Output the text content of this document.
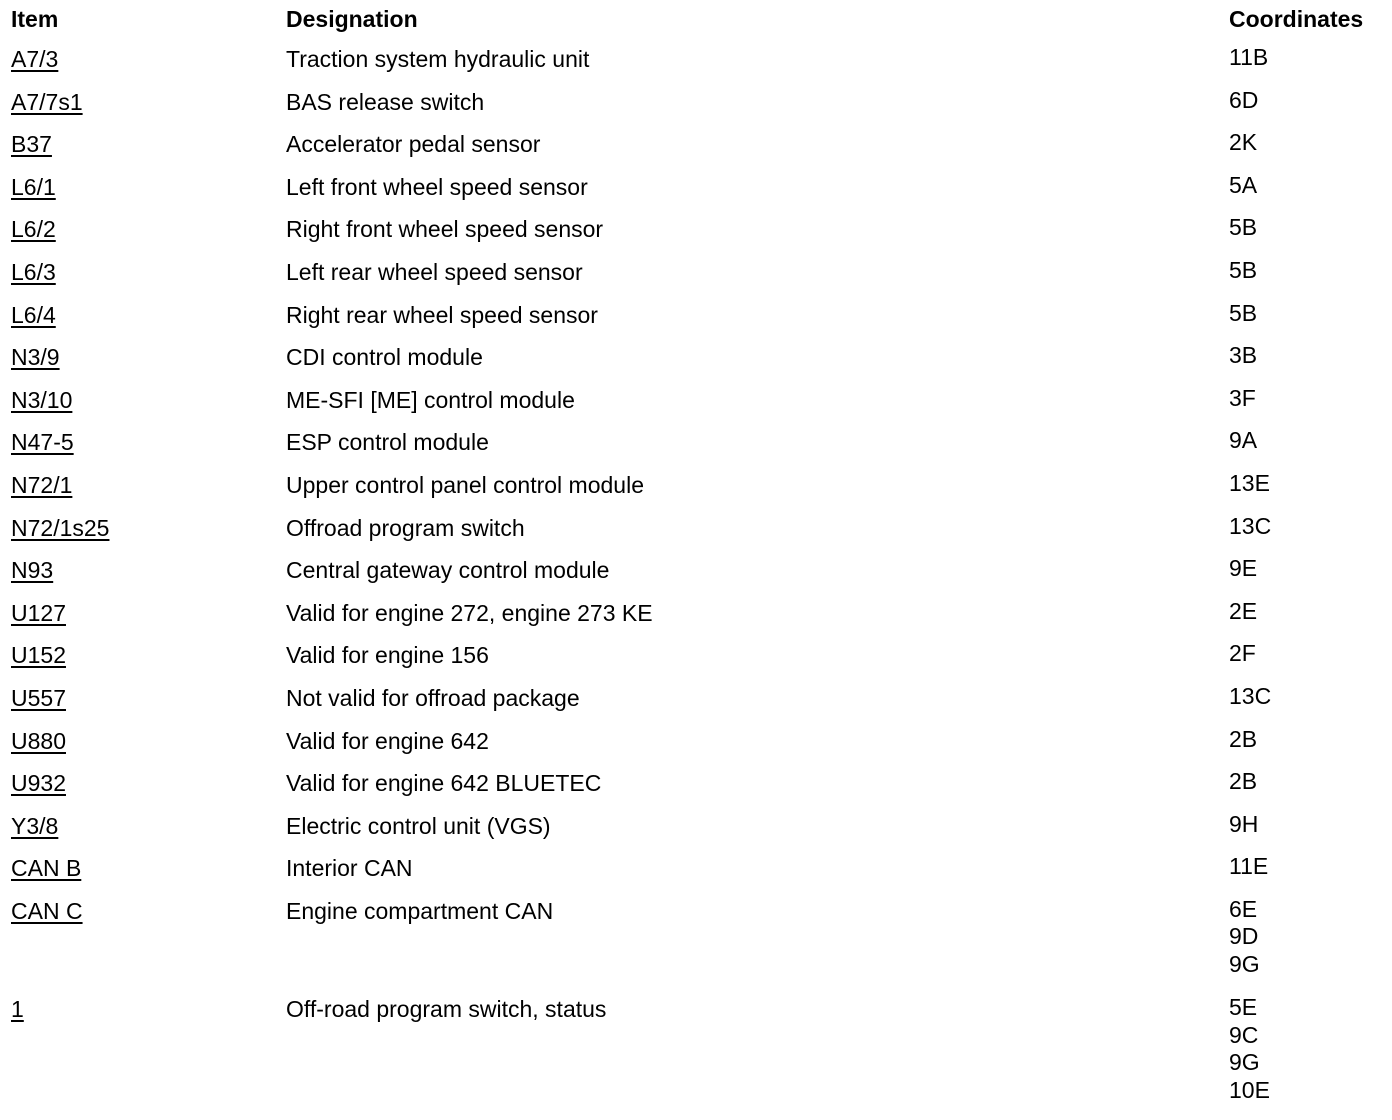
Item	Designation	Coordinates
A7/3	Traction system hydraulic unit	11B
A7/7s1	BAS release switch	6D
B37	Accelerator pedal sensor	2K
L6/1	Left front wheel speed sensor	5A
L6/2	Right front wheel speed sensor	5B
L6/3	Left rear wheel speed sensor	5B
L6/4	Right rear wheel speed sensor	5B
N3/9	CDI control module	3B
N3/10	ME-SFI [ME] control module	3F
N47-5	ESP control module	9A
N72/1	Upper control panel control module	13E
N72/1s25	Offroad program switch	13C
N93	Central gateway control module	9E
U127	Valid for engine 272, engine 273 KE	2E
U152	Valid for engine 156	2F
U557	Not valid for offroad package	13C
U880	Valid for engine 642	2B
U932	Valid for engine 642 BLUETEC	2B
Y3/8	Electric control unit (VGS)	9H
CAN B	Interior CAN	11E
CAN C	Engine compartment CAN	6E
9D
9G
1	Off-road program switch, status	5E
9C
9G
10E
